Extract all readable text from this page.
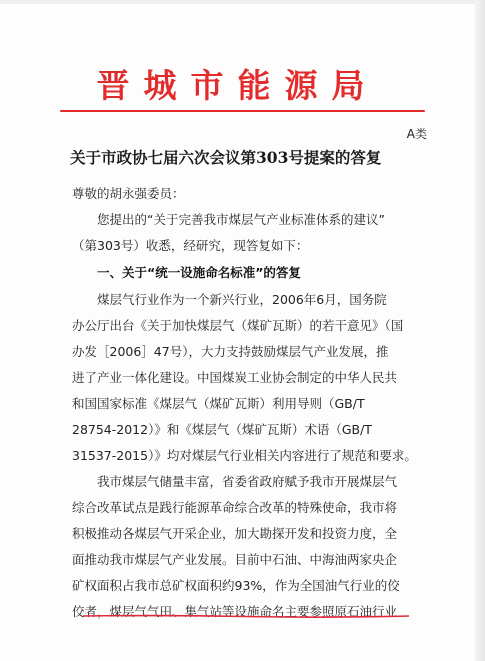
晋城市能源局
A类
关于市政协七届六次会议第303号提案的答复
尊敬的胡永强委员：
您提出的“关于完善我市煤层气产业标准体系的建议”
（第303号）收悉，经研究，现答复如下：
一、关于“统一设施命名标准”的答复
煤层气行业作为一个新兴行业，2006年6月，国务院
办公厅出台《关于加快煤层气（煤矿瓦斯）的若干意见》（国
办发［2006］47号），大力支持鼓励煤层气产业发展，推
进了产业一体化建设。中国煤炭工业协会制定的中华人民共
和国国家标准《煤层气（煤矿瓦斯）利用导则（GB/T
28754-2012）》和《煤层气（煤矿瓦斯）术语（GB/T
31537-2015）》均对煤层气行业相关内容进行了规范和要求。
我市煤层气储量丰富，省委省政府赋予我市开展煤层气
综合改革试点是践行能源革命综合改革的特殊使命，我市将
积极推动各煤层气开采企业，加大勘探开发和投资力度，全
面推动我市煤层气产业发展。目前中石油、中海油两家央企
矿权面积占我市总矿权面积约93%，作为全国油气行业的佼
佼者，煤层气气田、集气站等设施命名主要参照原石油行业
